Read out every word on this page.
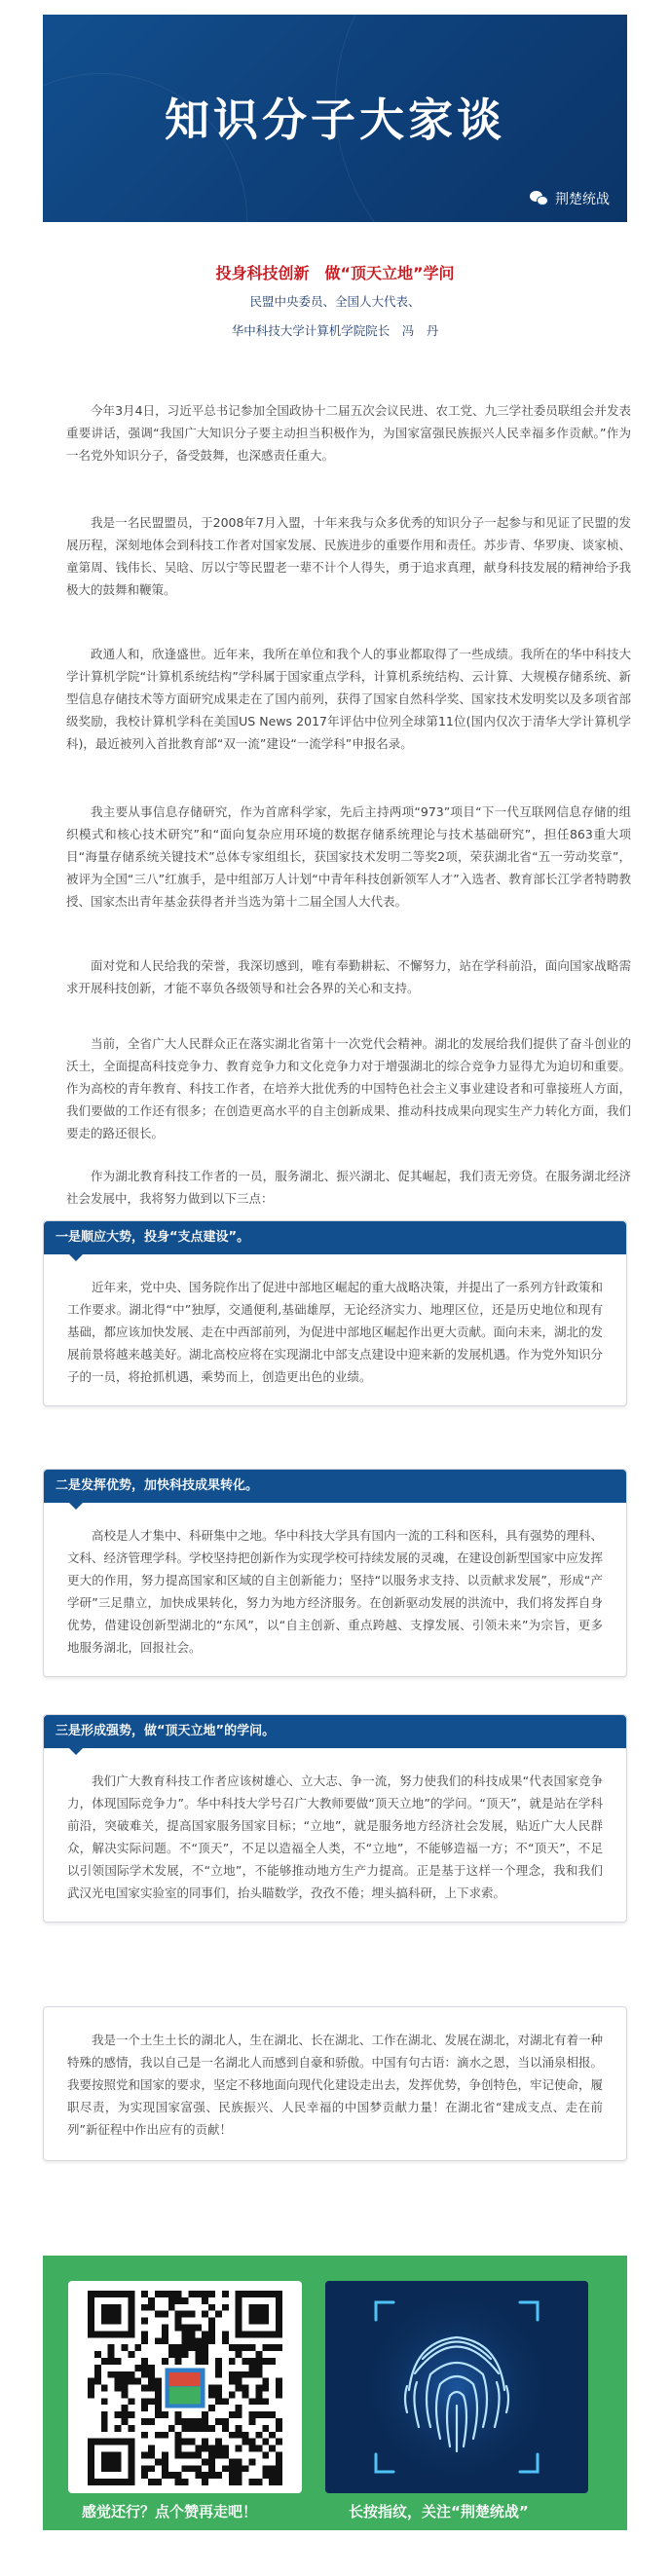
知识分子大家谈
荆楚统战
投身科技创新　做“顶天立地”学问
民盟中央委员、全国人大代表、
华中科技大学计算机学院院长　冯　丹

今年3月4日，习近平总书记参加全国政协十二届五次会议民进、农工党、九三学社委员联组会并发表重要讲话，强调“我国广大知识分子要主动担当积极作为，为国家富强民族振兴人民幸福多作贡献。”作为一名党外知识分子，备受鼓舞，也深感责任重大。

我是一名民盟盟员，于2008年7月入盟，十年来我与众多优秀的知识分子一起参与和见证了民盟的发展历程，深刻地体会到科技工作者对国家发展、民族进步的重要作用和责任。苏步青、华罗庚、谈家桢、童第周、钱伟长、吴晗、厉以宁等民盟老一辈不计个人得失，勇于追求真理，献身科技发展的精神给予我极大的鼓舞和鞭策。

政通人和，欣逢盛世。近年来，我所在单位和我个人的事业都取得了一些成绩。我所在的华中科技大学计算机学院“计算机系统结构”学科属于国家重点学科，计算机系统结构、云计算、大规模存储系统、新型信息存储技术等方面研究成果走在了国内前列，获得了国家自然科学奖、国家技术发明奖以及多项省部级奖励，我校计算机学科在美国US News 2017年评估中位列全球第11位(国内仅次于清华大学计算机学科)，最近被列入首批教育部“双一流”建设“一流学科”申报名录。

我主要从事信息存储研究，作为首席科学家，先后主持两项“973”项目“下一代互联网信息存储的组织模式和核心技术研究”和“面向复杂应用环境的数据存储系统理论与技术基础研究”，担任863重大项目“海量存储系统关键技术”总体专家组组长，获国家技术发明二等奖2项，荣获湖北省“五一劳动奖章”，被评为全国“三八”红旗手，是中组部万人计划“中青年科技创新领军人才”入选者、教育部长江学者特聘教授、国家杰出青年基金获得者并当选为第十二届全国人大代表。

面对党和人民给我的荣誉，我深切感到，唯有奉勤耕耘、不懈努力，站在学科前沿，面向国家战略需求开展科技创新，才能不辜负各级领导和社会各界的关心和支持。

当前，全省广大人民群众正在落实湖北省第十一次党代会精神。湖北的发展给我们提供了奋斗创业的沃土，全面提高科技竞争力、教育竞争力和文化竞争力对于增强湖北的综合竞争力显得尤为迫切和重要。作为高校的青年教育、科技工作者，在培养大批优秀的中国特色社会主义事业建设者和可靠接班人方面，我们要做的工作还有很多；在创造更高水平的自主创新成果、推动科技成果向现实生产力转化方面，我们要走的路还很长。

作为湖北教育科技工作者的一员，服务湖北、振兴湖北、促其崛起，我们责无旁贷。在服务湖北经济社会发展中，我将努力做到以下三点：

一是顺应大势，投身“支点建设”。
近年来，党中央、国务院作出了促进中部地区崛起的重大战略决策，并提出了一系列方针政策和工作要求。湖北得“中”独厚，交通便利,基础雄厚，无论经济实力、地理区位，还是历史地位和现有基础，都应该加快发展、走在中西部前列，为促进中部地区崛起作出更大贡献。面向未来，湖北的发展前景将越来越美好。湖北高校应将在实现湖北中部支点建设中迎来新的发展机遇。作为党外知识分子的一员，将抢抓机遇，乘势而上，创造更出色的业绩。
二是发挥优势，加快科技成果转化。
高校是人才集中、科研集中之地。华中科技大学具有国内一流的工科和医科，具有强势的理科、文科、经济管理学科。学校坚持把创新作为实现学校可持续发展的灵魂，在建设创新型国家中应发挥更大的作用，努力提高国家和区域的自主创新能力；坚持“以服务求支持、以贡献求发展”，形成“产学研”三足鼎立，加快成果转化，努力为地方经济服务。在创新驱动发展的洪流中，我们将发挥自身优势，借建设创新型湖北的“东风”，以“自主创新、重点跨越、支撑发展、引领未来”为宗旨，更多地服务湖北，回报社会。
三是形成强势，做“顶天立地”的学问。
我们广大教育科技工作者应该树雄心、立大志、争一流，努力使我们的科技成果“代表国家竞争力，体现国际竞争力”。华中科技大学号召广大教师要做“顶天立地”的学问。“顶天”，就是站在学科前沿，突破难关，提高国家服务国家目标；“立地”，就是服务地方经济社会发展，贴近广大人民群众，解决实际问题。不“顶天”，不足以造福全人类，不“立地”，不能够造福一方；不“顶天”，不足以引领国际学术发展，不“立地”，不能够推动地方生产力提高。正是基于这样一个理念，我和我们武汉光电国家实验室的同事们，抬头瞄数学，孜孜不倦；埋头搞科研，上下求索。
我是一个土生土长的湖北人，生在湖北、长在湖北、工作在湖北、发展在湖北，对湖北有着一种特殊的感情，我以自己是一名湖北人而感到自豪和骄傲。中国有句古语：滴水之恩，当以涌泉相报。我要按照党和国家的要求，坚定不移地面向现代化建设走出去，发挥优势，争创特色，牢记使命，履职尽责，为实现国家富强、民族振兴、人民幸福的中国梦贡献力量！在湖北省“建成支点、走在前列”新征程中作出应有的贡献！
感觉还行？点个赞再走吧！	长按指纹，关注“荆楚统战”
